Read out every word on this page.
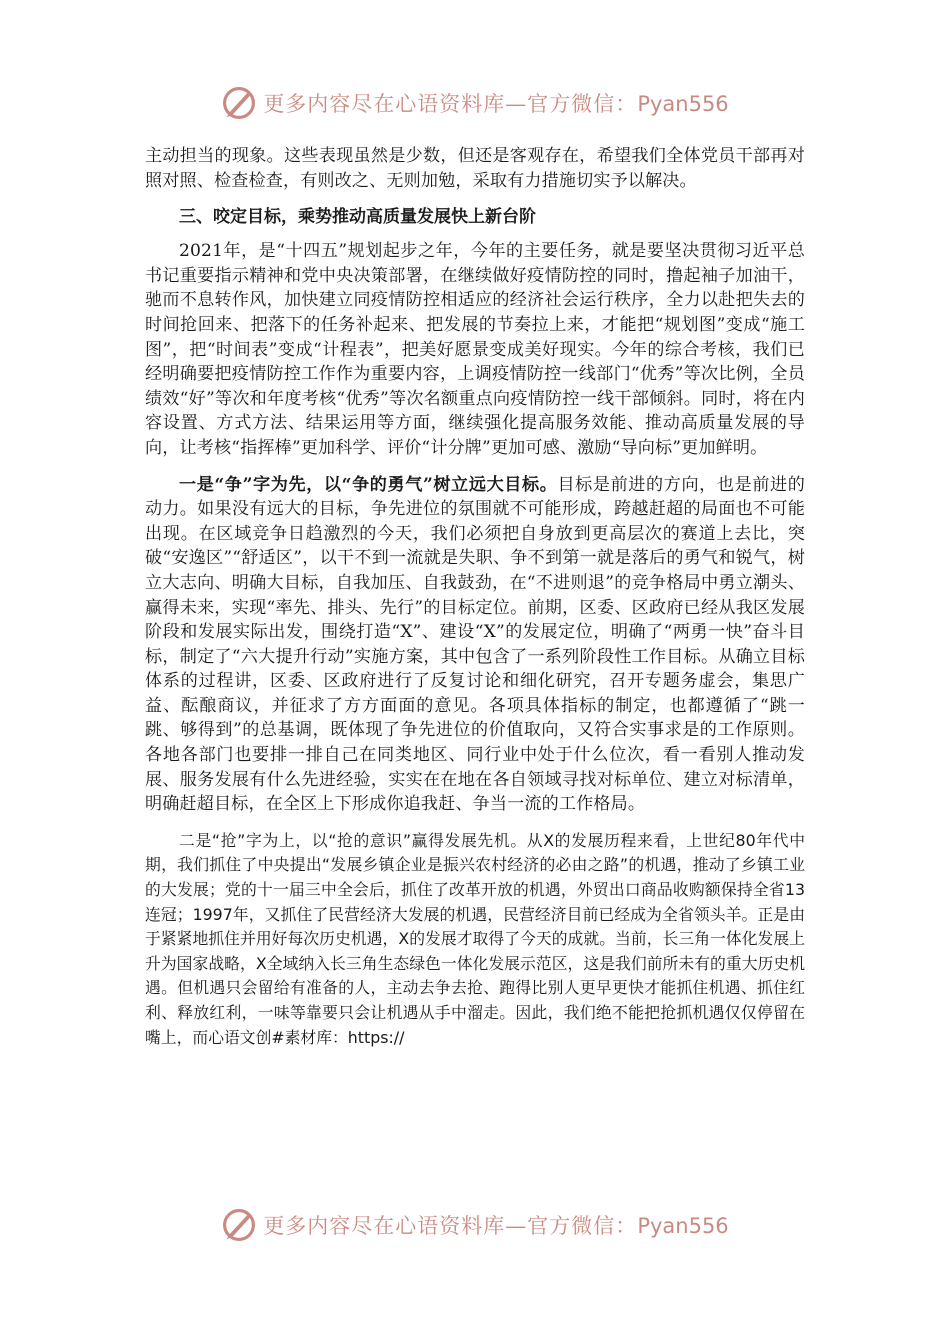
更多内容尽在心语资料库—官方微信：Pyan556

主动担当的现象。这些表现虽然是少数，但还是客观存在，希望我们全体党员干部再对照对照、检查检查，有则改之、无则加勉，采取有力措施切实予以解决。

三、咬定目标，乘势推动高质量发展快上新台阶

2021年，是“十四五”规划起步之年，今年的主要任务，就是要坚决贯彻习近平总书记重要指示精神和党中央决策部署，在继续做好疫情防控的同时，撸起袖子加油干，驰而不息转作风，加快建立同疫情防控相适应的经济社会运行秩序，全力以赴把失去的时间抢回来、把落下的任务补起来、把发展的节奏拉上来，才能把“规划图”变成“施工图”，把“时间表”变成“计程表”，把美好愿景变成美好现实。今年的综合考核，我们已经明确要把疫情防控工作作为重要内容，上调疫情防控一线部门“优秀”等次比例，全员绩效“好”等次和年度考核“优秀”等次名额重点向疫情防控一线干部倾斜。同时，将在内容设置、方式方法、结果运用等方面，继续强化提高服务效能、推动高质量发展的导向，让考核“指挥棒”更加科学、评价“计分牌”更加可感、激励“导向标”更加鲜明。

一是“争”字为先，以“争的勇气”树立远大目标。目标是前进的方向，也是前进的动力。如果没有远大的目标，争先进位的氛围就不可能形成，跨越赶超的局面也不可能出现。在区域竞争日趋激烈的今天，我们必须把自身放到更高层次的赛道上去比，突破“安逸区”“舒适区”，以干不到一流就是失职、争不到第一就是落后的勇气和锐气，树立大志向、明确大目标，自我加压、自我鼓劲，在“不进则退”的竞争格局中勇立潮头、赢得未来，实现“率先、排头、先行”的目标定位。前期，区委、区政府已经从我区发展阶段和发展实际出发，围绕打造“X”、建设“X”的发展定位，明确了“两勇一快”奋斗目标，制定了“六大提升行动”实施方案，其中包含了一系列阶段性工作目标。从确立目标体系的过程讲，区委、区政府进行了反复讨论和细化研究，召开专题务虚会，集思广益、酝酿商议，并征求了方方面面的意见。各项具体指标的制定，也都遵循了“跳一跳、够得到”的总基调，既体现了争先进位的价值取向，又符合实事求是的工作原则。各地各部门也要排一排自己在同类地区、同行业中处于什么位次，看一看别人推动发展、服务发展有什么先进经验，实实在在地在各自领域寻找对标单位、建立对标清单，明确赶超目标，在全区上下形成你追我赶、争当一流的工作格局。

二是“抢”字为上，以“抢的意识”赢得发展先机。从X的发展历程来看，上世纪80年代中期，我们抓住了中央提出“发展乡镇企业是振兴农村经济的必由之路”的机遇，推动了乡镇工业的大发展；党的十一届三中全会后，抓住了改革开放的机遇，外贸出口商品收购额保持全省13连冠；1997年，又抓住了民营经济大发展的机遇，民营经济目前已经成为全省领头羊。正是由于紧紧地抓住并用好每次历史机遇，X的发展才取得了今天的成就。当前，长三角一体化发展上升为国家战略，X全域纳入长三角生态绿色一体化发展示范区，这是我们前所未有的重大历史机遇。但机遇只会留给有准备的人，主动去争去抢、跑得比别人更早更快才能抓住机遇、抓住红利、释放红利，一味等靠要只会让机遇从手中溜走。因此，我们绝不能把抢抓机遇仅仅停留在嘴上，而心语文创#素材库：https://

更多内容尽在心语资料库—官方微信：Pyan556
